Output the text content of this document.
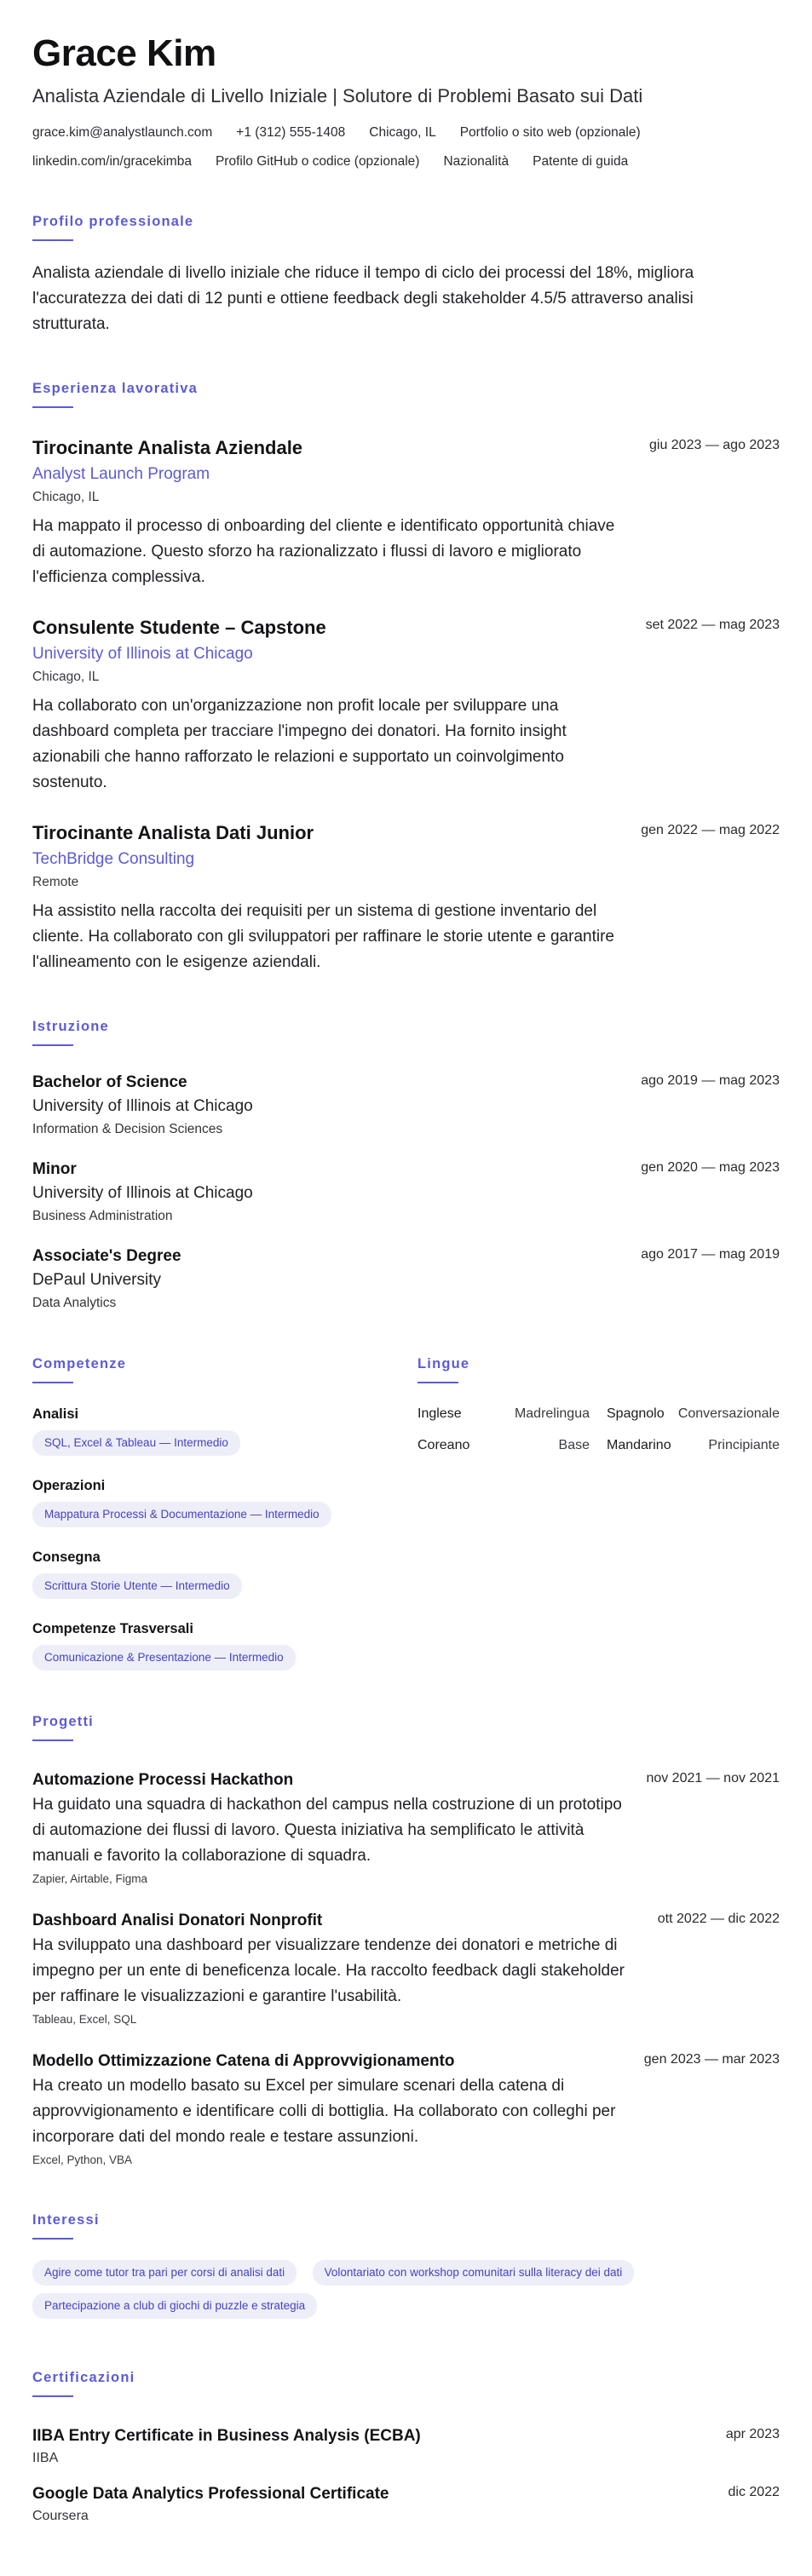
Grace Kim
Analista Aziendale di Livello Iniziale | Solutore di Problemi Basato sui Dati
grace.kim@analystlaunch.com +1 (312) 555-1408 Chicago, IL Portfolio o sito web (opzionale)
linkedin.com/in/gracekimba Profilo GitHub o codice (opzionale) Nazionalità Patente di guida
Profilo professionale

Analista aziendale di livello iniziale che riduce il tempo di ciclo dei processi del 18%, migliora l'accuratezza dei dati di 12 punti e ottiene feedback degli stakeholder 4.5/5 attraverso analisi strutturata.

Esperienza lavorativa
Tirocinante Analista Aziendale	giu 2023 — ago 2023
Analyst Launch Program
Chicago, IL

Ha mappato il processo di onboarding del cliente e identificato opportunità chiave di automazione. Questo sforzo ha razionalizzato i flussi di lavoro e migliorato l'efficienza complessiva.

Consulente Studente – Capstone	set 2022 — mag 2023
University of Illinois at Chicago
Chicago, IL

Ha collaborato con un'organizzazione non profit locale per sviluppare una dashboard completa per tracciare l'impegno dei donatori. Ha fornito insight azionabili che hanno rafforzato le relazioni e supportato un coinvolgimento sostenuto.

Tirocinante Analista Dati Junior	gen 2022 — mag 2022
TechBridge Consulting
Remote

Ha assistito nella raccolta dei requisiti per un sistema di gestione inventario del cliente. Ha collaborato con gli sviluppatori per raffinare le storie utente e garantire l'allineamento con le esigenze aziendali.

Istruzione
Bachelor of Science	ago 2019 — mag 2023
University of Illinois at Chicago
Information & Decision Sciences
Minor	gen 2020 — mag 2023
University of Illinois at Chicago
Business Administration
Associate's Degree	ago 2017 — mag 2019
DePaul University
Data Analytics
Competenze
Analisi
SQL, Excel & Tableau — Intermedio
Operazioni
Mappatura Processi & Documentazione — Intermedio
Consegna
Scrittura Storie Utente — Intermedio
Competenze Trasversali
Comunicazione & Presentazione — Intermedio
Lingue
Inglese	Madrelingua Spagnolo	Conversazionale
Coreano	Base Mandarino	Principiante
Progetti
Automazione Processi Hackathon	nov 2021 — nov 2021

Ha guidato una squadra di hackathon del campus nella costruzione di un prototipo di automazione dei flussi di lavoro. Questa iniziativa ha semplificato le attività manuali e favorito la collaborazione di squadra.

Zapier, Airtable, Figma
Dashboard Analisi Donatori Nonprofit	ott 2022 — dic 2022

Ha sviluppato una dashboard per visualizzare tendenze dei donatori e metriche di impegno per un ente di beneficenza locale. Ha raccolto feedback dagli stakeholder per raffinare le visualizzazioni e garantire l'usabilità.

Tableau, Excel, SQL
Modello Ottimizzazione Catena di Approvvigionamento	gen 2023 — mar 2023

Ha creato un modello basato su Excel per simulare scenari della catena di approvvigionamento e identificare colli di bottiglia. Ha collaborato con colleghi per incorporare dati del mondo reale e testare assunzioni.

Excel, Python, VBA
Interessi
Agire come tutor tra pari per corsi di analisi dati	Volontariato con workshop comunitari sulla literacy dei dati Partecipazione a club di giochi di puzzle e strategia
Certificazioni
IIBA Entry Certificate in Business Analysis (ECBA)	apr 2023
IIBA
Google Data Analytics Professional Certificate	dic 2022
Coursera
